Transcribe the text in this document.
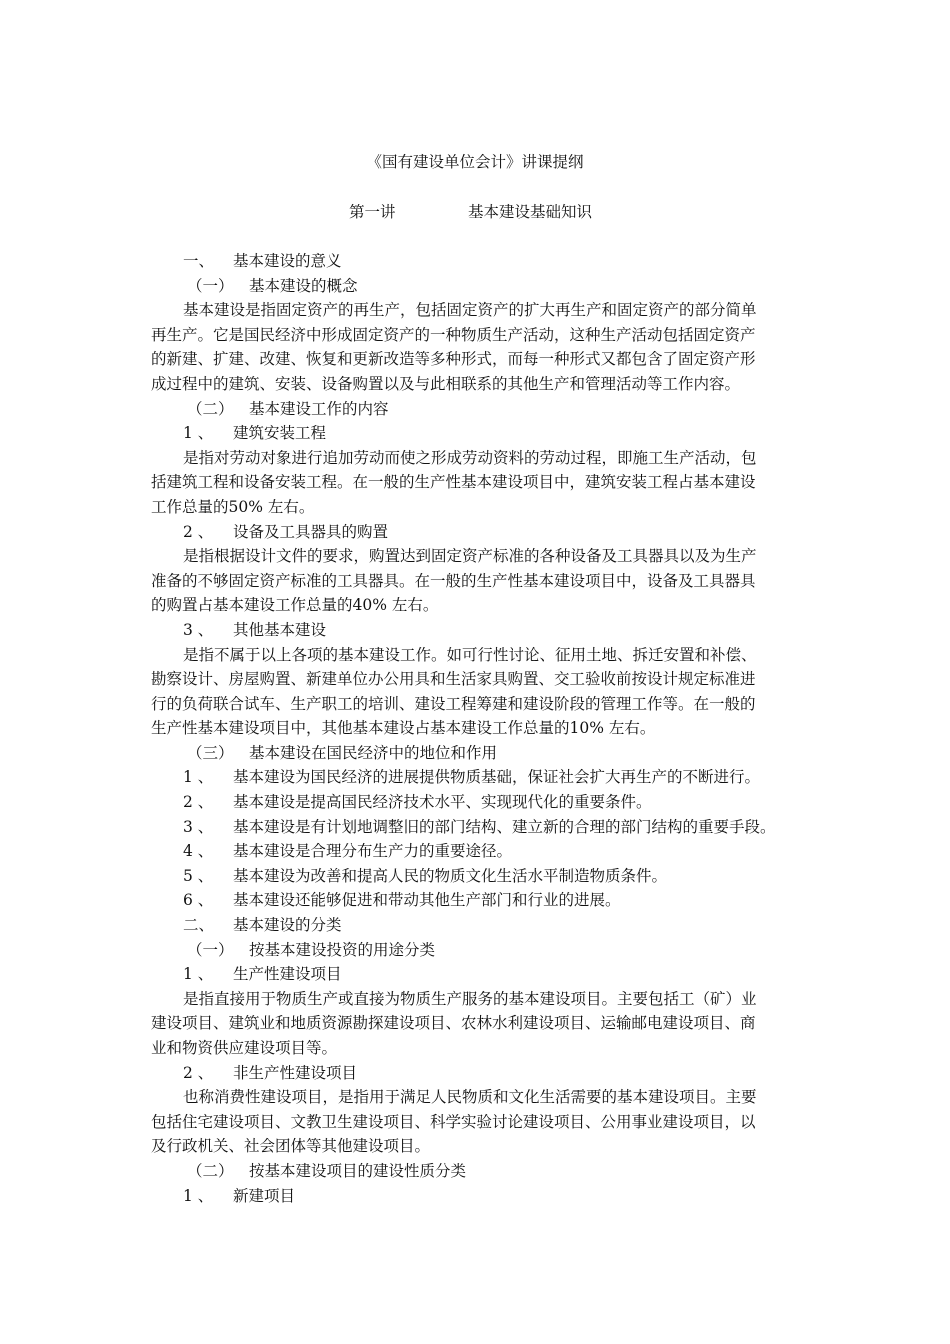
《国有建设单位会计》讲课提纲
第一讲	基本建设基础知识
一、 基本建设的意义
（一） 基本建设的概念
基本建设是指固定资产的再生产，包括固定资产的扩大再生产和固定资产的部分简单
再生产。它是国民经济中形成固定资产的一种物质生产活动，这种生产活动包括固定资产
的新建、扩建、改建、恢复和更新改造等多种形式，而每一种形式又都包含了固定资产形
成过程中的建筑、安装、设备购置以及与此相联系的其他生产和管理活动等工作内容。
（二） 基本建设工作的内容
1 、 建筑安装工程
是指对劳动对象进行追加劳动而使之形成劳动资料的劳动过程，即施工生产活动，包
括建筑工程和设备安装工程。在一般的生产性基本建设项目中，建筑安装工程占基本建设
工作总量的50% 左右。
2 、 设备及工具器具的购置
是指根据设计文件的要求，购置达到固定资产标准的各种设备及工具器具以及为生产
准备的不够固定资产标准的工具器具。在一般的生产性基本建设项目中，设备及工具器具
的购置占基本建设工作总量的40% 左右。
3 、 其他基本建设
是指不属于以上各项的基本建设工作。如可行性讨论、征用土地、拆迁安置和补偿、
勘察设计、房屋购置、新建单位办公用具和生活家具购置、交工验收前按设计规定标准进
行的负荷联合试车、生产职工的培训、建设工程筹建和建设阶段的管理工作等。在一般的
生产性基本建设项目中，其他基本建设占基本建设工作总量的10% 左右。
（三） 基本建设在国民经济中的地位和作用
1 、 基本建设为国民经济的进展提供物质基础，保证社会扩大再生产的不断进行。
2 、 基本建设是提高国民经济技术水平、实现现代化的重要条件。
3 、 基本建设是有计划地调整旧的部门结构、建立新的合理的部门结构的重要手段。
4 、 基本建设是合理分布生产力的重要途径。
5 、 基本建设为改善和提高人民的物质文化生活水平制造物质条件。
6 、 基本建设还能够促进和带动其他生产部门和行业的进展。
二、 基本建设的分类
（一） 按基本建设投资的用途分类
1 、 生产性建设项目
是指直接用于物质生产或直接为物质生产服务的基本建设项目。主要包括工（矿）业
建设项目、建筑业和地质资源勘探建设项目、农林水利建设项目、运输邮电建设项目、商
业和物资供应建设项目等。
2 、 非生产性建设项目
也称消费性建设项目，是指用于满足人民物质和文化生活需要的基本建设项目。主要
包括住宅建设项目、文教卫生建设项目、科学实验讨论建设项目、公用事业建设项目，以
及行政机关、社会团体等其他建设项目。
（二） 按基本建设项目的建设性质分类
1 、 新建项目
